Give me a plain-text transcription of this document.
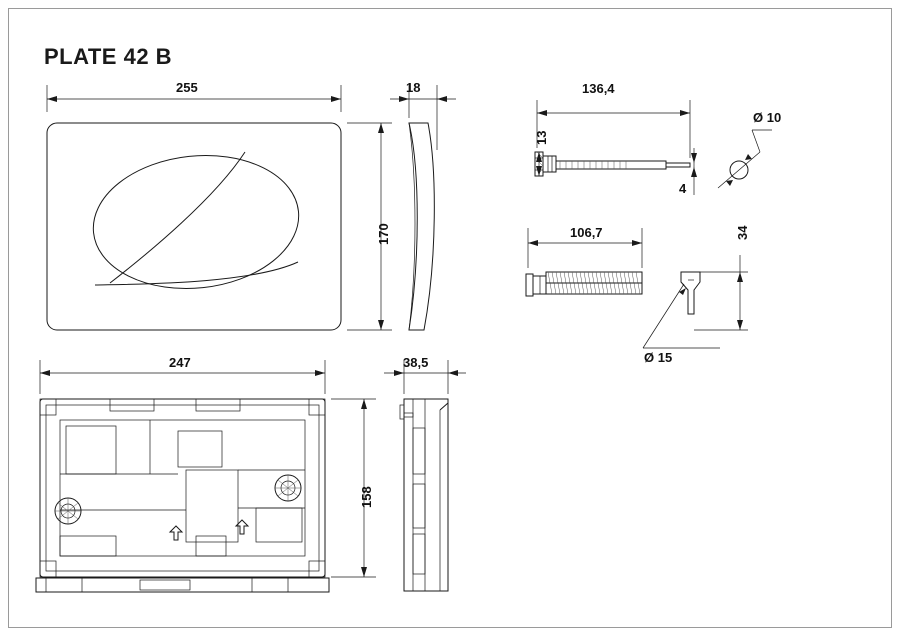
PLATE 42 B
255	18
170
136,4
13
4
Ø 10
106,7	34
Ø 15
247	38,5
158
